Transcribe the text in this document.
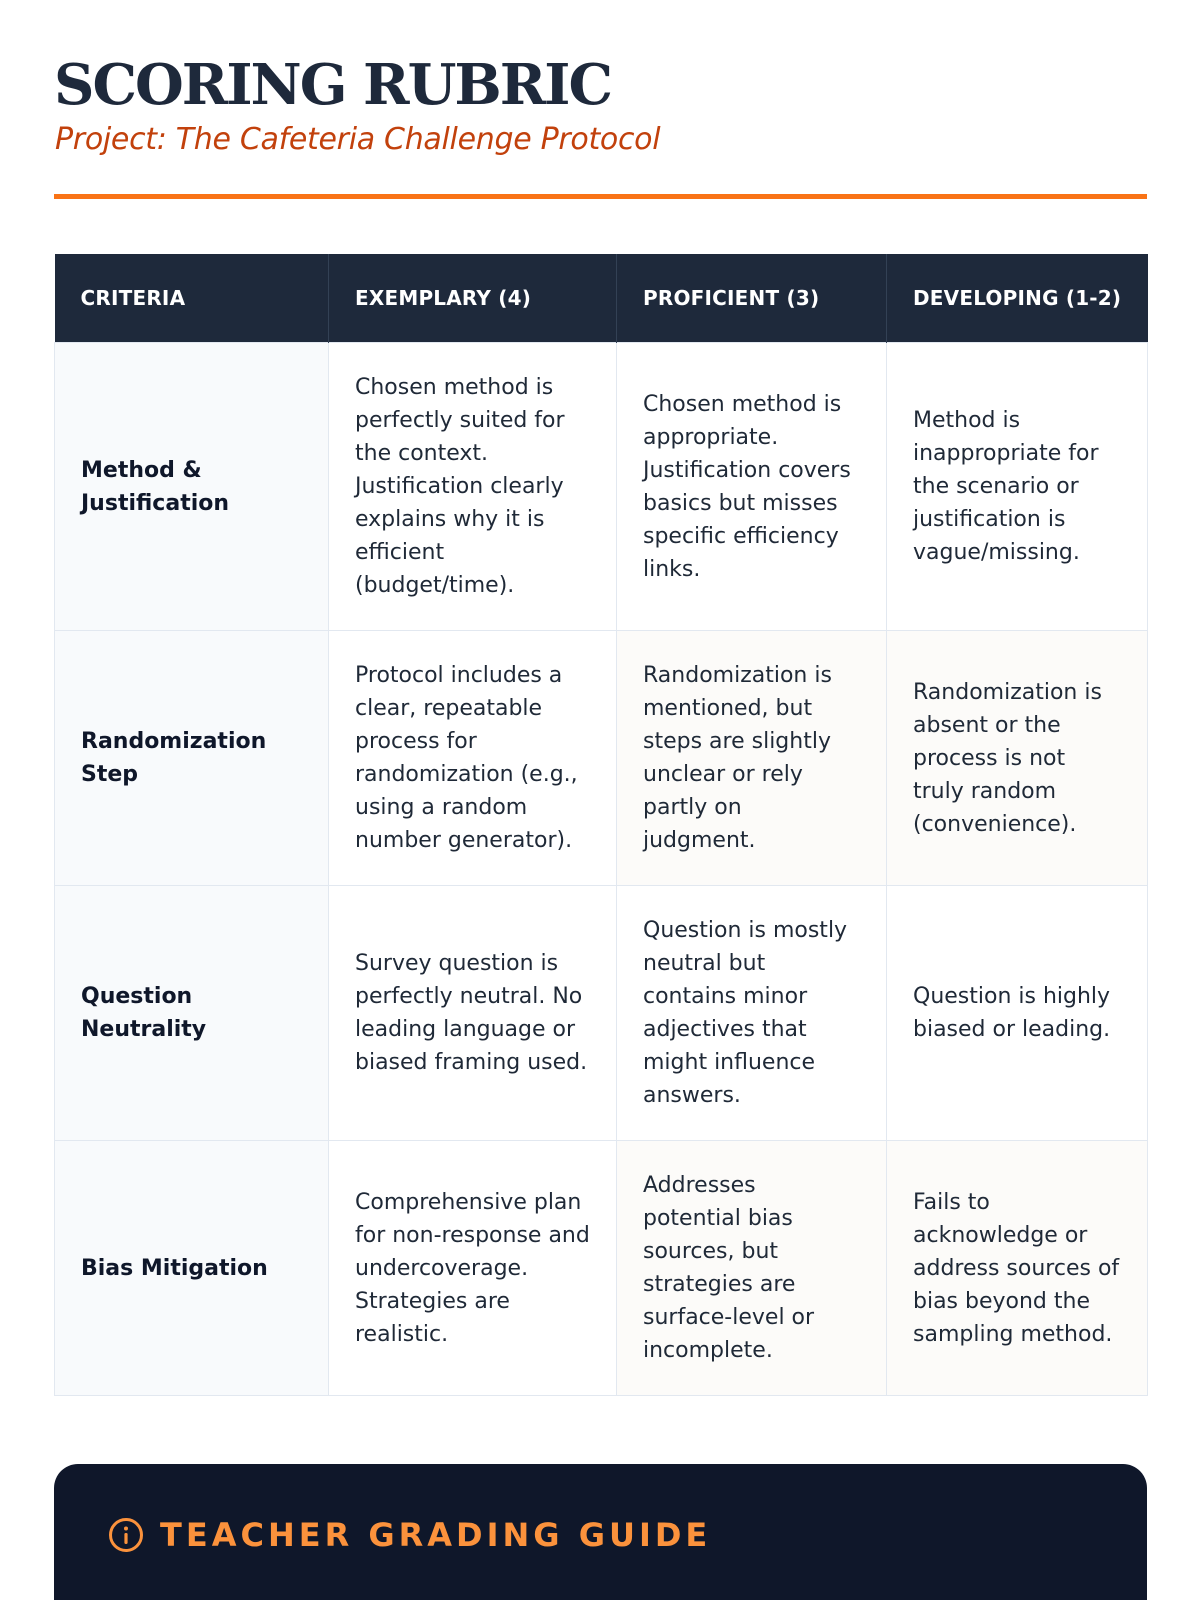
SCORING RUBRIC

Project: The Cafeteria Challenge Protocol

CRITERIA	EXEMPLARY (4)	PROFICIENT (3)	DEVELOPING (1-2)
Method & Justification	Chosen method is perfectly suited for the context. Justification clearly explains why it is efficient (budget/time).	Chosen method is appropriate. Justification covers basics but misses specific efficiency links.	Method is inappropriate for the scenario or justification is vague/missing.
Randomization Step	Protocol includes a clear, repeatable process for randomization (e.g., using a random number generator).	Randomization is mentioned, but steps are slightly unclear or rely partly on judgment.	Randomization is absent or the process is not truly random (convenience).
Question Neutrality	Survey question is perfectly neutral. No leading language or biased framing used.	Question is mostly neutral but contains minor adjectives that might influence answers.	Question is highly biased or leading.
Bias Mitigation	Comprehensive plan for non-response and undercoverage. Strategies are realistic.	Addresses potential bias sources, but strategies are surface-level or incomplete.	Fails to acknowledge or address sources of bias beyond the sampling method.
TEACHER GRADING GUIDE
